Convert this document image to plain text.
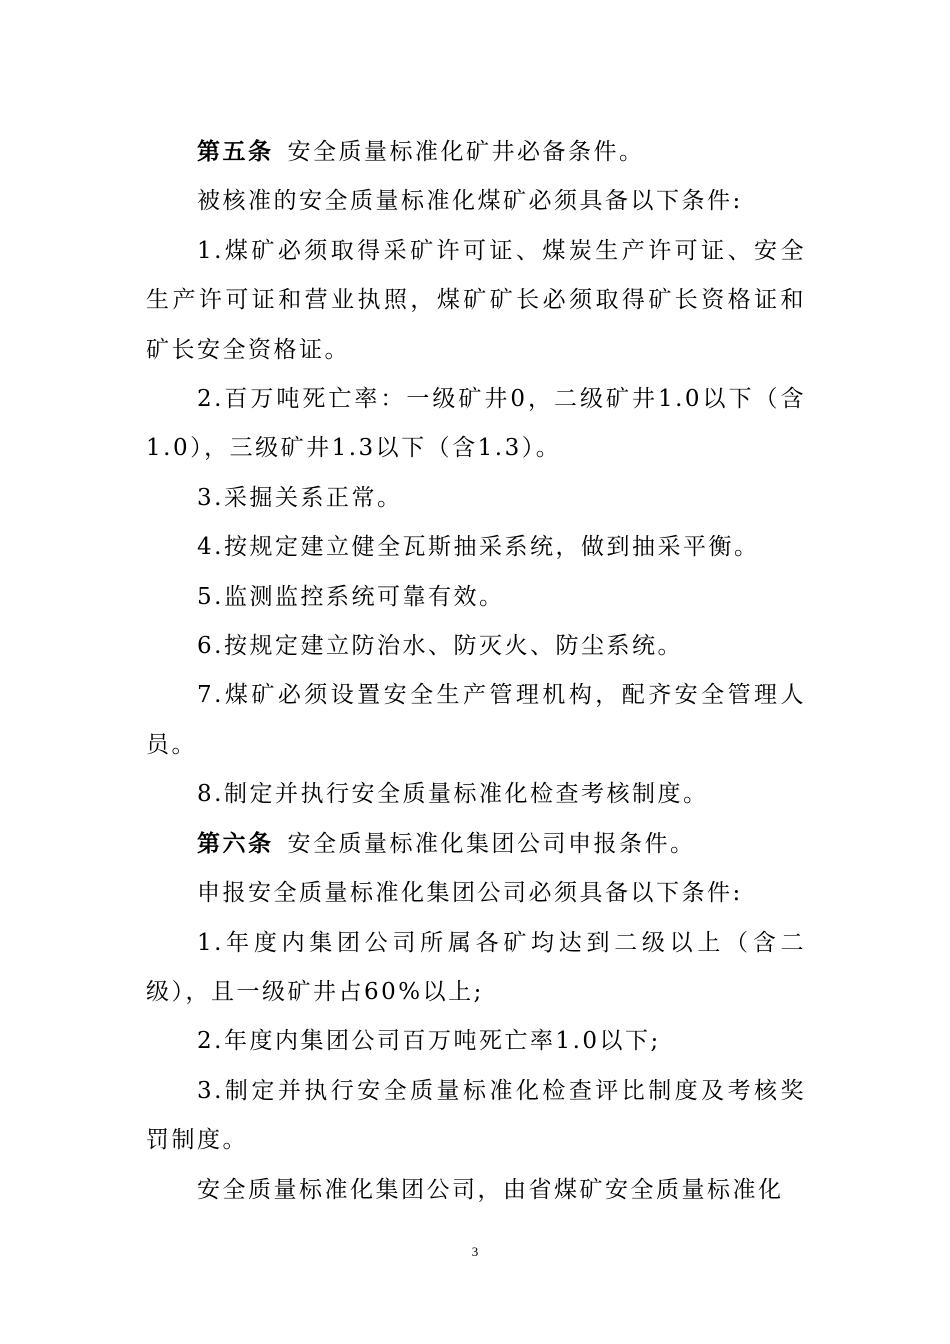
第五条 安全质量标准化矿井必备条件。

被核准的安全质量标准化煤矿必须具备以下条件:

1.煤矿必须取得采矿许可证、煤炭生产许可证、安全生产许可证和营业执照，煤矿矿长必须取得矿长资格证和矿长安全资格证。

2.百万吨死亡率：一级矿井0，二级矿井1.0以下（含1.0），三级矿井1.3以下（含1.3）。

3.采掘关系正常。

4.按规定建立健全瓦斯抽采系统，做到抽采平衡。

5.监测监控系统可靠有效。

6.按规定建立防治水、防灭火、防尘系统。

7.煤矿必须设置安全生产管理机构，配齐安全管理人员。

8.制定并执行安全质量标准化检查考核制度。

第六条 安全质量标准化集团公司申报条件。

申报安全质量标准化集团公司必须具备以下条件:

1.年度内集团公司所属各矿均达到二级以上（含二级），且一级矿井占60%以上;

2.年度内集团公司百万吨死亡率1.0以下;

3.制定并执行安全质量标准化检查评比制度及考核奖罚制度。

安全质量标准化集团公司，由省煤矿安全质量标准化

3
